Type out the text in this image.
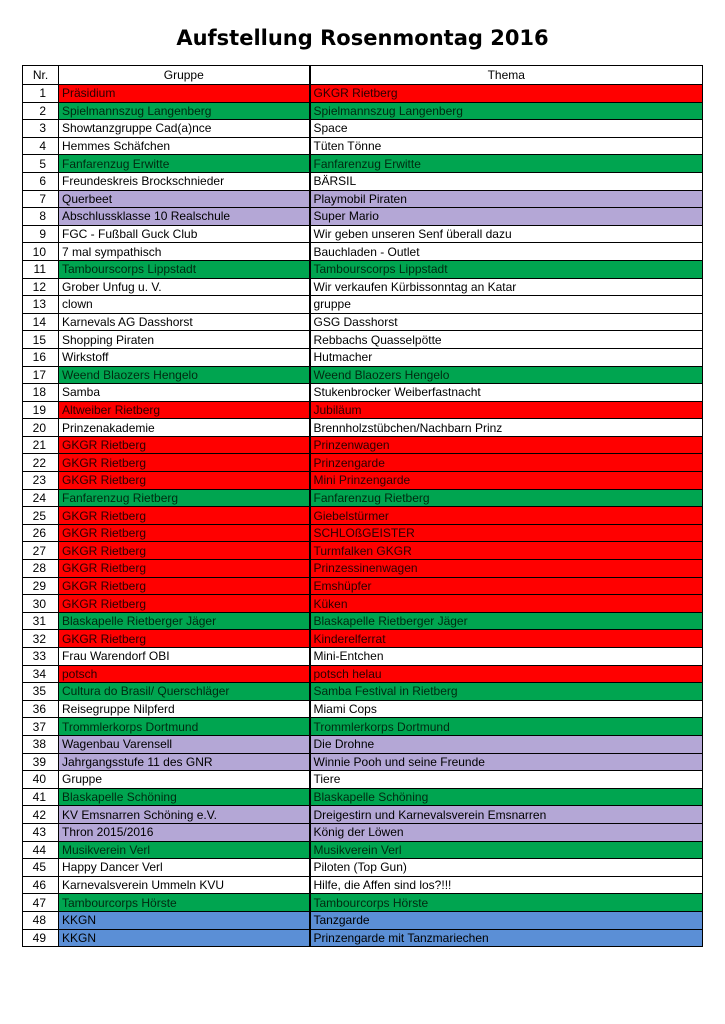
Aufstellung Rosenmontag 2016
Nr.	Gruppe	Thema
1	Präsidium	GKGR Rietberg
2	Spielmannszug Langenberg	Spielmannszug Langenberg
3	Showtanzgruppe Cad(a)nce	Space
4	Hemmes Schäfchen	Tüten Tönne
5	Fanfarenzug Erwitte	Fanfarenzug Erwitte
6	Freundeskreis Brockschnieder	BÄRSIL
7	Querbeet	Playmobil Piraten
8	Abschlussklasse 10 Realschule	Super Mario
9	FGC - Fußball Guck Club	Wir geben unseren Senf überall dazu
10	7 mal sympathisch	Bauchladen - Outlet
11	Tambourscorps Lippstadt	Tambourscorps Lippstadt
12	Grober Unfug u. V.	Wir verkaufen Kürbissonntag an Katar
13	clown	gruppe
14	Karnevals AG Dasshorst	GSG Dasshorst
15	Shopping Piraten	Rebbachs Quasselpötte
16	Wirkstoff	Hutmacher
17	Weend Blaozers Hengelo	Weend Blaozers Hengelo
18	Samba	Stukenbrocker Weiberfastnacht
19	Altweiber Rietberg	Jubiläum
20	Prinzenakademie	Brennholzstübchen/Nachbarn Prinz
21	GKGR Rietberg	Prinzenwagen
22	GKGR Rietberg	Prinzengarde
23	GKGR Rietberg	Mini Prinzengarde
24	Fanfarenzug Rietberg	Fanfarenzug Rietberg
25	GKGR Rietberg	Giebelstürmer
26	GKGR Rietberg	SCHLOßGEISTER
27	GKGR Rietberg	Turmfalken GKGR
28	GKGR Rietberg	Prinzessinenwagen
29	GKGR Rietberg	Emshüpfer
30	GKGR Rietberg	Küken
31	Blaskapelle Rietberger Jäger	Blaskapelle Rietberger Jäger
32	GKGR Rietberg	Kinderelferrat
33	Frau Warendorf OBI	Mini-Entchen
34	potsch	potsch helau
35	Cultura do Brasil/ Querschläger	Samba Festival in Rietberg
36	Reisegruppe Nilpferd	Miami Cops
37	Trommlerkorps Dortmund	Trommlerkorps Dortmund
38	Wagenbau Varensell	Die Drohne
39	Jahrgangsstufe 11 des GNR	Winnie Pooh und seine Freunde
40	Gruppe	Tiere
41	Blaskapelle Schöning	Blaskapelle Schöning
42	KV Emsnarren Schöning e.V.	Dreigestirn und Karnevalsverein Emsnarren
43	Thron 2015/2016	König der Löwen
44	Musikverein Verl	Musikverein Verl
45	Happy Dancer Verl	Piloten (Top Gun)
46	Karnevalsverein Ummeln KVU	Hilfe, die Affen sind los?!!!
47	Tambourcorps Hörste	Tambourcorps Hörste
48	KKGN	Tanzgarde
49	KKGN	Prinzengarde mit Tanzmariechen
